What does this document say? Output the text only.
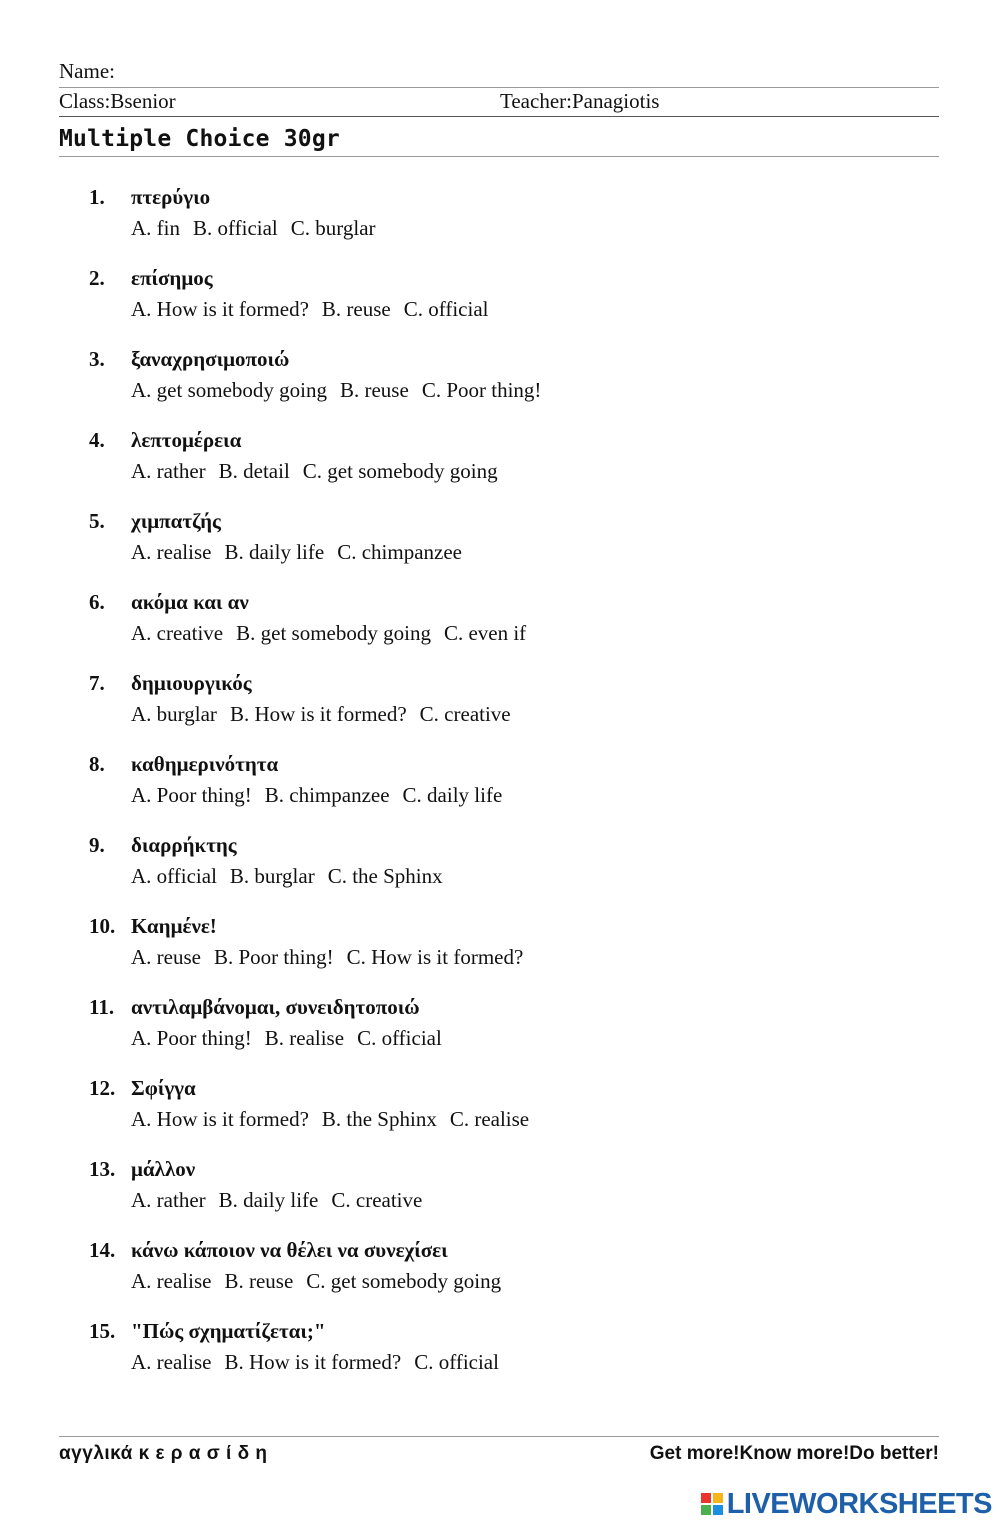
Name:
Class:Bsenior	Teacher:Panagiotis
Multiple Choice 30gr
1. πτερύγιο
A. fin B. official C. burglar
2. επίσημος
A. How is it formed? B. reuse C. official
3. ξαναχρησιμοποιώ
A. get somebody going B. reuse C. Poor thing!
4. λεπτομέρεια
A. rather B. detail C. get somebody going
5. χιμπατζής
A. realise B. daily life C. chimpanzee
6. ακόμα και αν
A. creative B. get somebody going C. even if
7. δημιουργικός
A. burglar B. How is it formed? C. creative
8. καθημερινότητα
A. Poor thing! B. chimpanzee C. daily life
9. διαρρήκτης
A. official B. burglar C. the Sphinx
10. Καημένε!
A. reuse B. Poor thing! C. How is it formed?
11. αντιλαμβάνομαι, συνειδητοποιώ
A. Poor thing! B. realise C. official
12. Σφίγγα
A. How is it formed? B. the Sphinx C. realise
13. μάλλον
A. rather B. daily life C. creative
14. κάνω κάποιον να θέλει να συνεχίσει
A. realise B. reuse C. get somebody going
15. "Πώς σχηματίζεται;"
A. realise B. How is it formed? C. official
αγγλικά κ ε ρ α σ ί δ η	Get more!Know more!Do better!
LIVEWORKSHEETS
